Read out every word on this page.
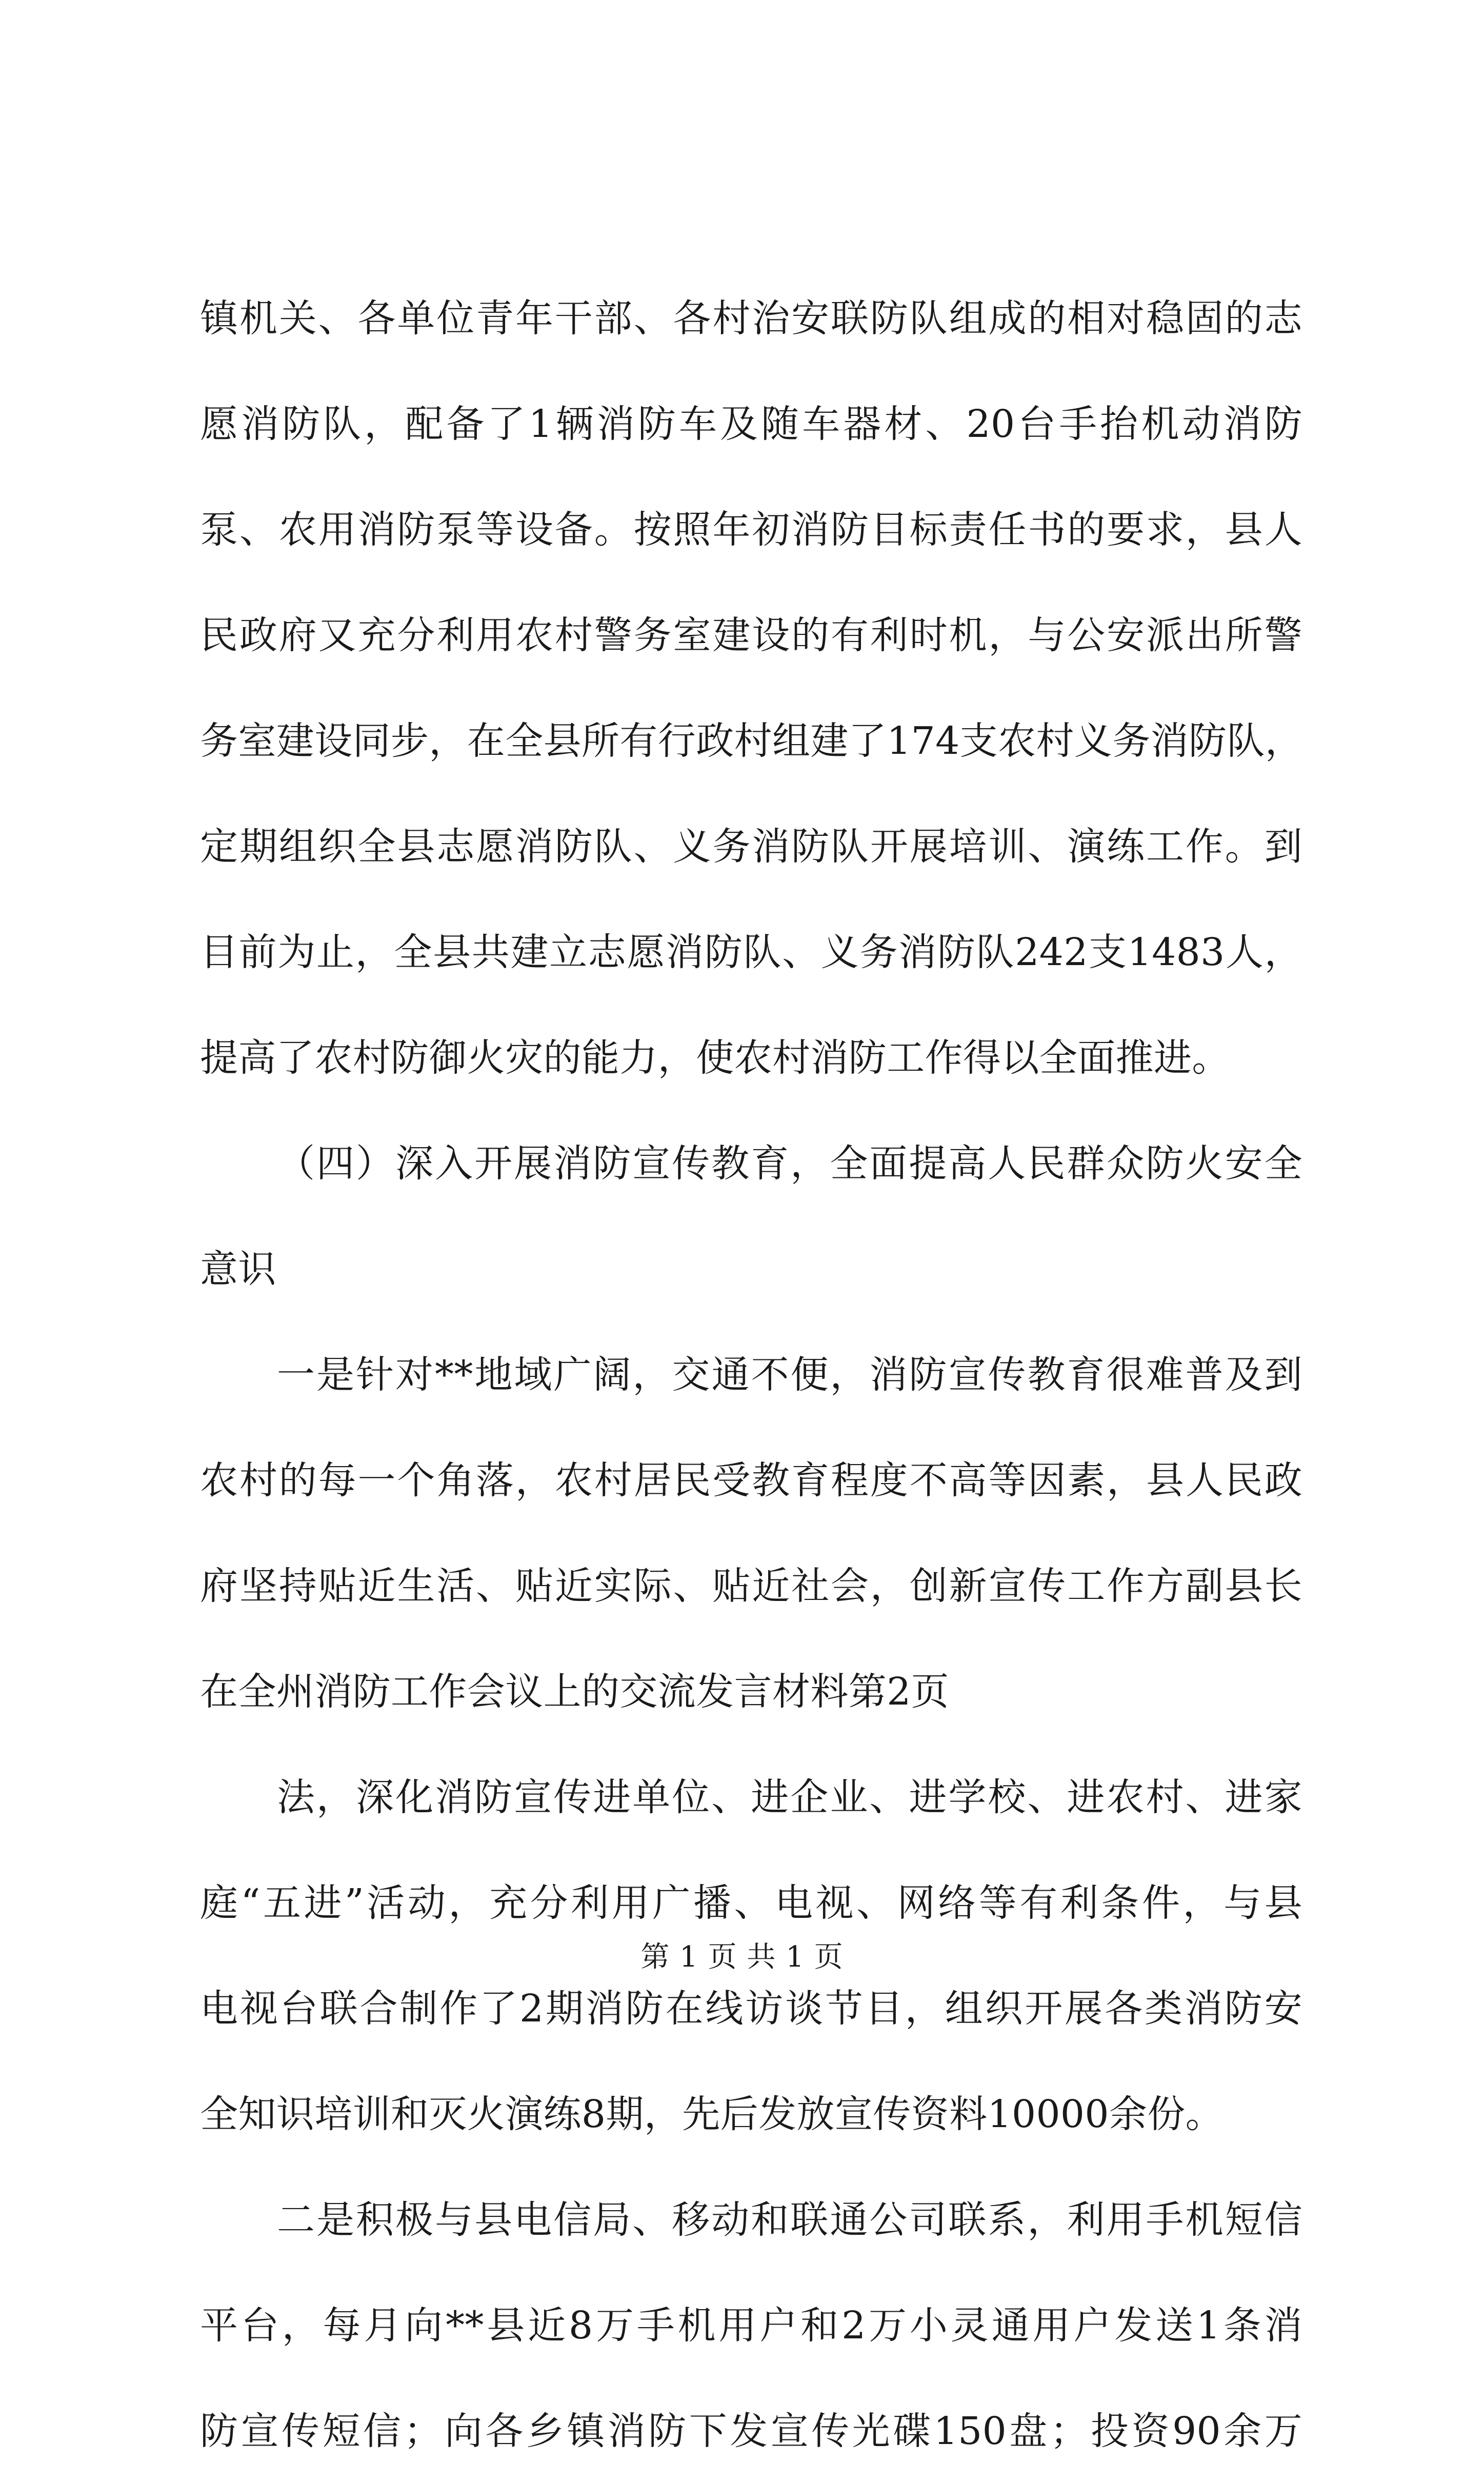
镇机关、各单位青年干部、各村治安联防队组成的相对稳固的志
愿消防队，配备了1辆消防车及随车器材、20台手抬机动消防
泵、农用消防泵等设备。按照年初消防目标责任书的要求，县人
民政府又充分利用农村警务室建设的有利时机，与公安派出所警
务室建设同步，在全县所有行政村组建了174支农村义务消防队，
定期组织全县志愿消防队、义务消防队开展培训、演练工作。到
目前为止，全县共建立志愿消防队、义务消防队242支1483人，
提高了农村防御火灾的能力，使农村消防工作得以全面推进。
（四）深入开展消防宣传教育，全面提高人民群众防火安全
意识
一是针对**地域广阔，交通不便，消防宣传教育很难普及到
农村的每一个角落，农村居民受教育程度不高等因素，县人民政
府坚持贴近生活、贴近实际、贴近社会，创新宣传工作方副县长
在全州消防工作会议上的交流发言材料第2页
法，深化消防宣传进单位、进企业、进学校、进农村、进家
庭“五进”活动，充分利用广播、电视、网络等有利条件，与县
电视台联合制作了2期消防在线访谈节目，组织开展各类消防安
全知识培训和灭火演练8期，先后发放宣传资料10000余份。
二是积极与县电信局、移动和联通公司联系，利用手机短信
平台，每月向**县近8万手机用户和2万小灵通用户发送1条消
防宣传短信；向各乡镇消防下发宣传光碟150盘；投资90余万
第 1 页 共 1 页
